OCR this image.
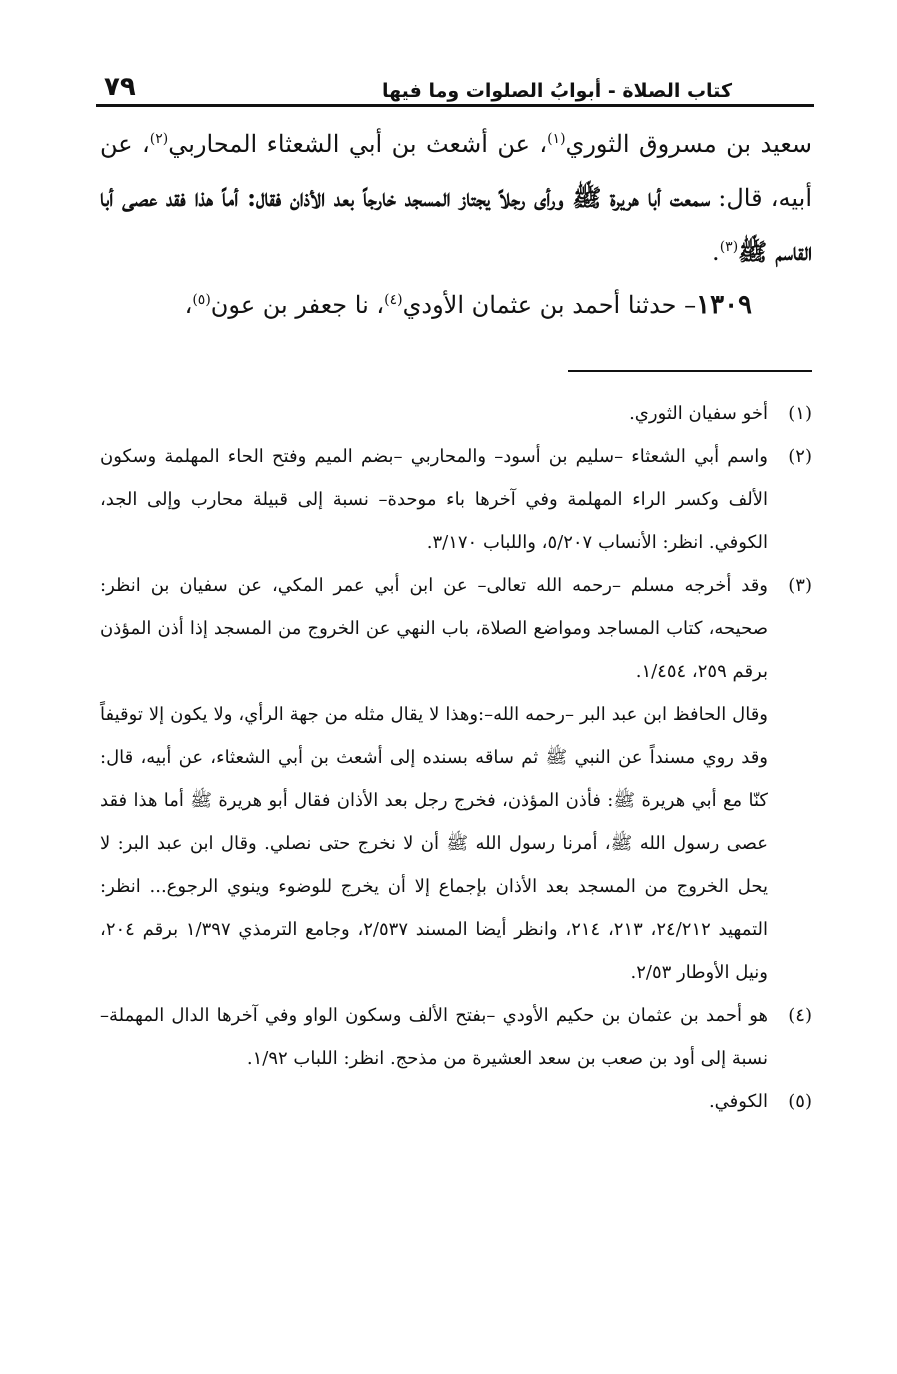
كتاب الصلاة - أبوابُ الصلوات وما فيها
٧٩

سعيد بن مسروق الثوري$^{(١)}$، عن أشعث بن أبي الشعثاء المحاربي$^{(٢)}$، عن أبيه، قال: سمعت أبا هريرة ﷺ ورأى رجلاً يجتاز المسجد خارجاً بعد الأذان فقال: أماً هذا فقد عصى أبا القاسم ﷺ$^{(٣)}$.

١٣٠٩– حدثنا أحمد بن عثمان الأودي$^{(٤)}$، نا جعفر بن عون$^{(٥)}$،

(١)
أخو سفيان الثوري.
(٢)
واسم أبي الشعثاء –سليم بن أسود– والمحاربي –بضم الميم وفتح الحاء المهلمة وسكون الألف وكسر الراء المهلمة وفي آخرها باء موحدة– نسبة إلى قبيلة محارب وإلى الجد، الكوفي. انظر: الأنساب ٥/٢٠٧، واللباب ٣/١٧٠.
(٣)
وقد أخرجه مسلم –رحمه الله تعالى– عن ابن أبي عمر المكي، عن سفيان بن انظر: صحيحه، كتاب المساجد ومواضع الصلاة، باب النهي عن الخروج من المسجد إذا أذن المؤذن برقم ٢٥٩، ١/٤٥٤.
وقال الحافظ ابن عبد البر –رحمه الله–:وهذا لا يقال مثله من جهة الرأي، ولا يكون إلا توقيفاً وقد روي مسنداً عن النبي ﷺ ثم ساقه بسنده إلى أشعث بن أبي الشعثاء، عن أبيه، قال: كنّا مع أبي هريرة ﷺ: فأذن المؤذن، فخرج رجل بعد الأذان فقال أبو هريرة ﷺ أما هذا فقد عصى رسول الله ﷺ، أمرنا رسول الله ﷺ أن لا نخرج حتى نصلي. وقال ابن عبد البر: لا يحل الخروج من المسجد بعد الأذان بإجماع إلا أن يخرج للوضوء وينوي الرجوع... انظر: التمهيد ٢٤/٢١٢، ٢١٣، ٢١٤، وانظر أيضا المسند ٢/٥٣٧، وجامع الترمذي ١/٣٩٧ برقم ٢٠٤، ونيل الأوطار ٢/٥٣.
(٤)
هو أحمد بن عثمان بن حكيم الأودي –بفتح الألف وسكون الواو وفي آخرها الدال المهملة– نسبة إلى أود بن صعب بن سعد العشيرة من مذحج. انظر: اللباب ١/٩٢.
(٥)
الكوفي.
